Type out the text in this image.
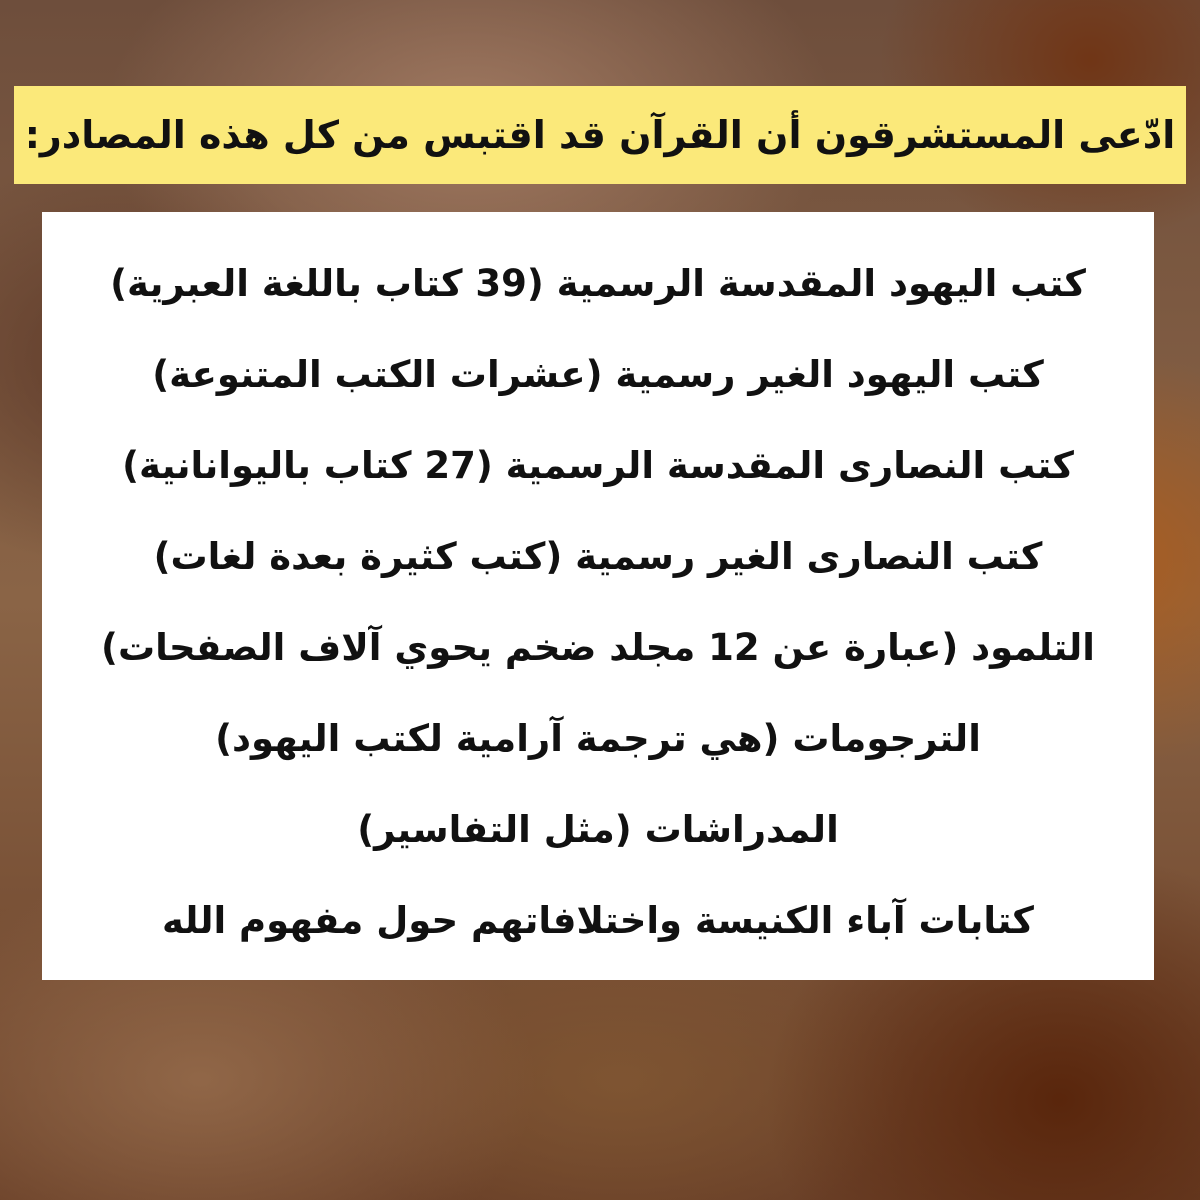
ادّعى المستشرقون أن القرآن قد اقتبس من كل هذه المصادر:
كتب اليهود المقدسة الرسمية (39 كتاب باللغة العبرية)
كتب اليهود الغير رسمية (عشرات الكتب المتنوعة)
كتب النصارى المقدسة الرسمية (27 كتاب باليوانانية)
كتب النصارى الغير رسمية (كتب كثيرة بعدة لغات)
التلمود (عبارة عن 12 مجلد ضخم يحوي آلاف الصفحات)
الترجومات (هي ترجمة آرامية لكتب اليهود)
المدراشات (مثل التفاسير)
كتابات آباء الكنيسة واختلافاتهم حول مفهوم الله
